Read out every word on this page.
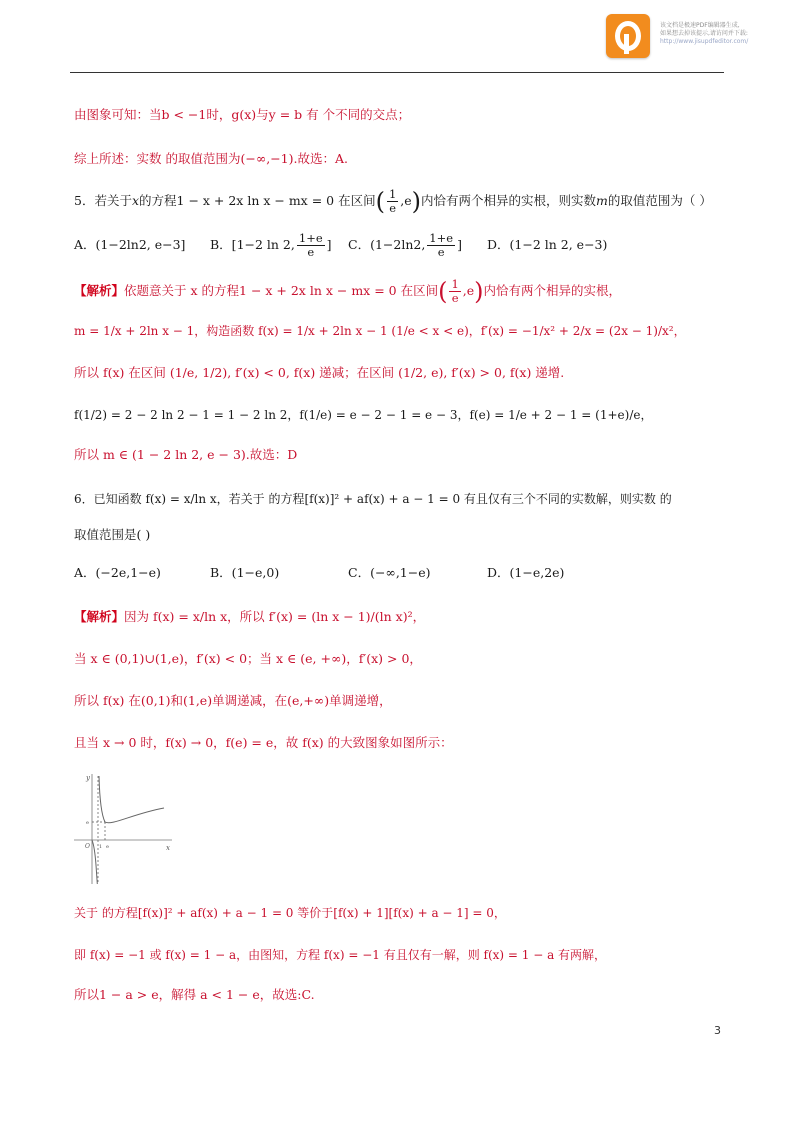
该文档是极速PDF编辑器生成,
如果想去掉该提示,请访问并下载:
http://www.jisupdfeditor.com/
由图象可知：当b < −1时，g(x)与y = b 有 个不同的交点；
综上所述：实数 的取值范围为(−∞,−1).故选：A.
5．若关于x的方程1 − x + 2x ln x − mx = 0 在区间( $\frac{1}{e} ,e$)内恰有两个相异的实根，则实数m的取值范围为（ ）
A．(1−2ln2, e−3] B．[1−2 ln 2, $\frac{1+e}{e}$ ] C．(1−2ln2, $\frac{1+e}{e}$ ] D．(1−2 ln 2, e−3)
【解析】依题意关于 x 的方程1 − x + 2x ln x − mx = 0 在区间( $\frac{1}{e} ,e$)内恰有两个相异的实根，
m = 1/x + 2ln x − 1，构造函数 f(x) = 1/x + 2ln x − 1 (1/e < x < e)，f′(x) = −1/x² + 2/x = (2x − 1)/x²，
所以 f(x) 在区间 (1/e, 1/2), f′(x) < 0, f(x) 递减；在区间 (1/2, e), f′(x) > 0, f(x) 递增.
f(1/2) = 2 − 2 ln 2 − 1 = 1 − 2 ln 2，f(1/e) = e − 2 − 1 = e − 3，f(e) = 1/e + 2 − 1 = (1+e)/e，
所以 m ∈ (1 − 2 ln 2, e − 3).故选：D
6．已知函数 f(x) = x/ln x，若关于 的方程[f(x)]² + af(x) + a − 1 = 0 有且仅有三个不同的实数解，则实数 的
取值范围是( )
A．(−2e,1−e)	B．(1−e,0)	C．(−∞,1−e)	D．(1−e,2e)
【解析】因为 f(x) = x/ln x，所以 f′(x) = (ln x − 1)/(ln x)²，
当 x ∈ (0,1)∪(1,e)，f′(x) < 0；当 x ∈ (e, +∞)，f′(x) > 0，
所以 f(x) 在(0,1)和(1,e)单调递减，在(e,+∞)单调递增，
且当 x → 0 时，f(x) → 0，f(e) = e，故 f(x) 的大致图象如图所示：
y
x
O 1 e
e
关于 的方程[f(x)]² + af(x) + a − 1 = 0 等价于[f(x) + 1][f(x) + a − 1] = 0，
即 f(x) = −1 或 f(x) = 1 − a，由图知，方程 f(x) = −1 有且仅有一解，则 f(x) = 1 − a 有两解，
所以1 − a > e，解得 a < 1 − e，故选:C.
3
